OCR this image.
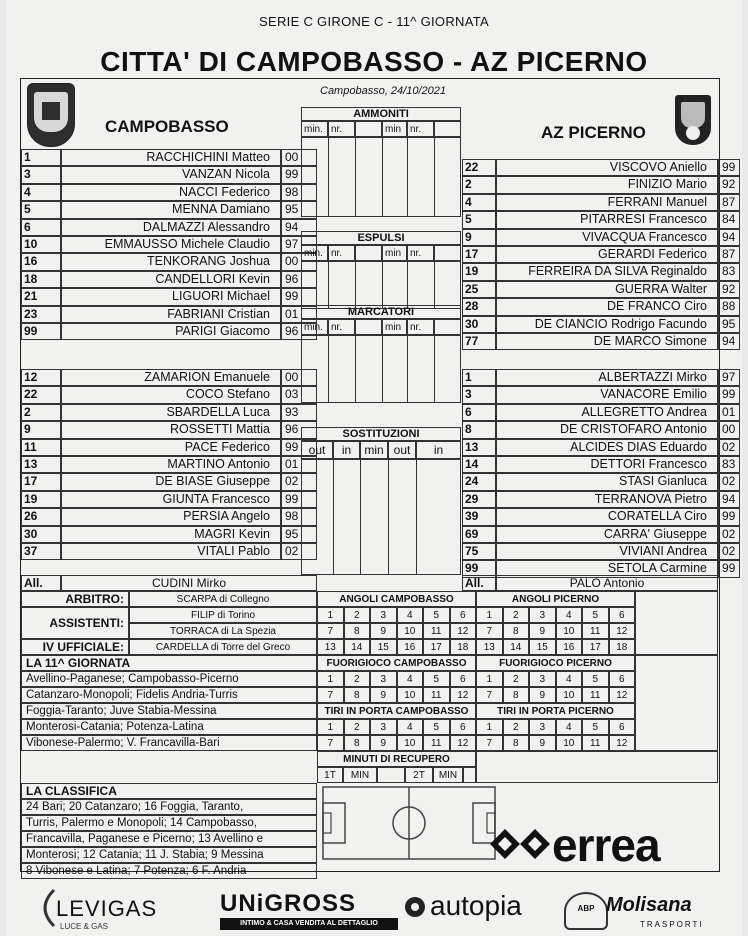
SERIE C GIRONE C - 11^ GIORNATA
CITTA' DI CAMPOBASSO - AZ PICERNO
CAMPOBASSO
Campobasso, 24/10/2021
AZ PICERNO
1	RACCHICHINI Matteo	00
3	VANZAN Nicola	99
4	NACCI Federico	98
5	MENNA Damiano	95
6	DALMAZZI Alessandro	94
10	EMMAUSSO Michele Claudio	97
16	TENKORANG Joshua	00
18	CANDELLORI Kevin	96
21	LIGUORI Michael	99
23	FABRIANI Cristian	01
99	PARIGI Giacomo	96
12	ZAMARION Emanuele	00
22	COCO Stefano	03
2	SBARDELLA Luca	93
9	ROSSETTI Mattia	96
11	PACE Federico	99
13	MARTINO Antonio	01
17	DE BIASE Giuseppe	02
19	GIUNTA Francesco	99
26	PERSIA Angelo	98
30	MAGRI Kevin	95
37	VITALI Pablo	02
22	VISCOVO Aniello	99
2	FINIZIO Mario	92
4	FERRANI Manuel	87
5	PITARRESI Francesco	84
9	VIVACQUA Francesco	94
17	GERARDI Federico	87
19	FERREIRA DA SILVA Reginaldo	83
25	GUERRA Walter	92
28	DE FRANCO Ciro	88
30	DE CIANCIO Rodrigo Facundo	95
77	DE MARCO Simone	94
1	ALBERTAZZI Mirko	97
3	VANACORE Emilio	99
6	ALLEGRETTO Andrea	01
8	DE CRISTOFARO Antonio	00
13	ALCIDES DIAS Eduardo	02
14	DETTORI Francesco	83
24	STASI Gianluca	02
29	TERRANOVA Pietro	94
39	CORATELLA Ciro	99
69	CARRA' Giuseppe	02
75	VIVIANI Andrea	02
99	SETOLA Carmine	99
All.	CUDINI Mirko	All.	PALO Antonio
AMMONITI
min. nr.	min nr.
ESPULSI
min. nr.	min nr.
MARCATORI
min. nr.	min nr.
SOSTITUZIONI
out	in	min out	in
ARBITRO:	SCARPA di Collegno
ASSISTENTI:
FILIP di Torino
TORRACA di La Spezia
IV UFFICIALE:	CARDELLA di Torre del Greco
ANGOLI CAMPOBASSO
1	2	3	4	5	6
7	8	9	10	11	12
13	14	15	16	17	18
ANGOLI PICERNO
1	2	3	4	5	6
7	8	9	10	11	12
13	14	15	16	17	18
FUORIGIOCO CAMPOBASSO
1	2	3	4	5	6
7	8	9	10	11	12
FUORIGIOCO PICERNO
1	2	3	4	5	6
7	8	9	10	11	12
TIRI IN PORTA CAMPOBASSO
1	2	3	4	5	6
7	8	9	10	11	12
TIRI IN PORTA PICERNO
1	2	3	4	5	6
7	8	9	10	11	12
LA 11^ GIORNATA
Avellino-Paganese; Campobasso-Picerno
Catanzaro-Monopoli; Fidelis Andria-Turris
Foggia-Taranto; Juve Stabia-Messina
Monterosi-Catania; Potenza-Latina
Vibonese-Palermo; V. Francavilla-Bari
MINUTI DI RECUPERO
1T	MIN	2T	MIN
LA CLASSIFICA
24 Bari; 20 Catanzaro; 16 Foggia, Taranto,
Turris, Palermo e Monopoli; 14 Campobasso,
Francavilla, Paganese e Picerno; 13 Avellino e
Monterosi; 12 Catania; 11 J. Stabia; 9 Messina
8 Vibonese e Latina; 7 Potenza; 6 F. Andria	errea
LEVIGAS
LUCE & GAS
UNiGROSS
INTIMO & CASA VENDITA AL DETTAGLIO
autopia	ABP Molisana
TRASPORTI
